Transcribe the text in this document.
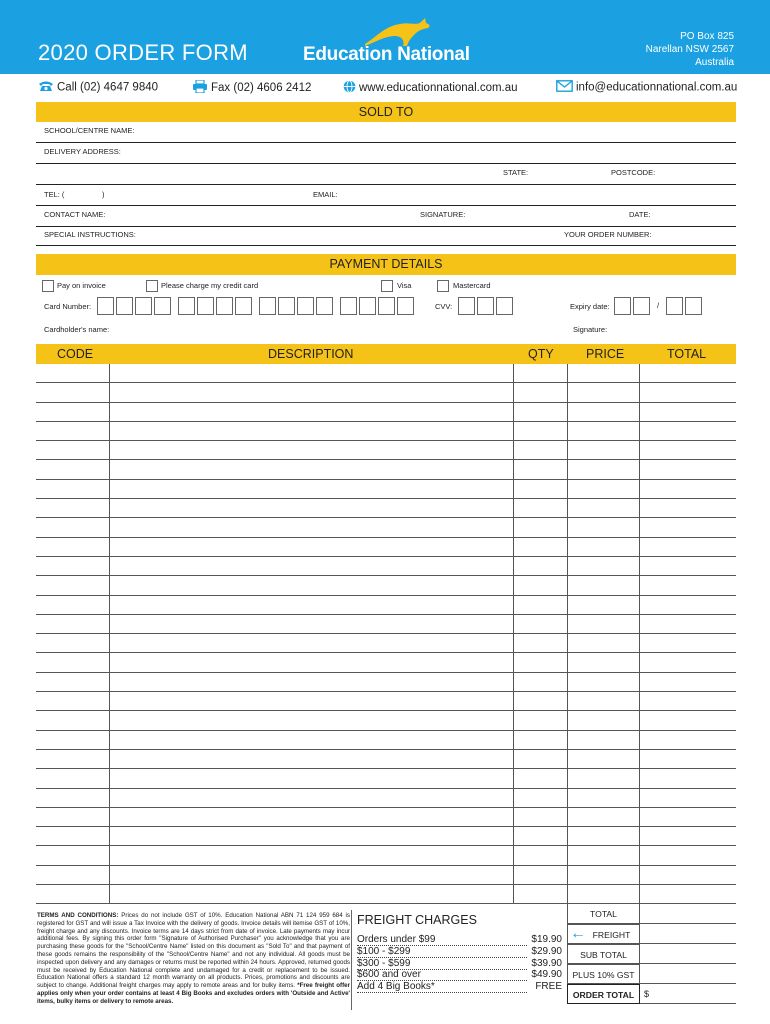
2020 ORDER FORM	Education National
PO Box 825
Narellan NSW 2567
Australia
Call (02) 4647 9840	Fax (02) 4606 2412	www.educationnational.com.au	info@educationnational.com.au
SOLD TO
SCHOOL/CENTRE NAME:
DELIVERY ADDRESS:
STATE:	POSTCODE:
TEL: (	)	EMAIL:
CONTACT NAME:	SIGNATURE:	DATE:
SPECIAL INSTRUCTIONS:	YOUR ORDER NUMBER:
PAYMENT DETAILS
Pay on invoice	Please charge my credit card	Visa	Mastercard
Card Number:	CVV:	Expiry date:	/
Cardholder's name:	Signature:
CODE	DESCRIPTION	QTY	PRICE	TOTAL
TERMS AND CONDITIONS: Prices do not include GST of 10%. Education National ABN 71 124 959 684 is registered for GST and will issue a Tax Invoice with the delivery of goods. Invoice details will itemise GST of 10%, freight charge and any discounts. Invoice terms are 14 days strict from date of invoice. Late payments may incur additional fees. By signing this order form "Signature of Authorised Purchaser" you acknowledge that you are purchasing these goods for the "School/Centre Name" listed on this document as "Sold To" and that payment of these goods remains the responsibility of the "School/Centre Name" and not any individual. All goods must be inspected upon delivery and any damages or returns must be reported within 24 hours. Approved, returned goods must be received by Education National complete and undamaged for a credit or replacement to be issued. Education National offers a standard 12 month warranty on all products. Prices, promotions and discounts are subject to change. Additional freight charges may apply to remote areas and for bulky items. *Free freight offer applies only when your order contains at least 4 Big Books and excludes orders with 'Outside and Active' items, bulky items or delivery to remote areas.
FREIGHT CHARGES
Orders under $99	$19.90
$100 - $299	$29.90
$300 - $599	$39.90
$600 and over	$49.90
Add 4 Big Books*	FREE
TOTAL
← FREIGHT
SUB TOTAL
PLUS 10% GST
ORDER TOTAL	$
